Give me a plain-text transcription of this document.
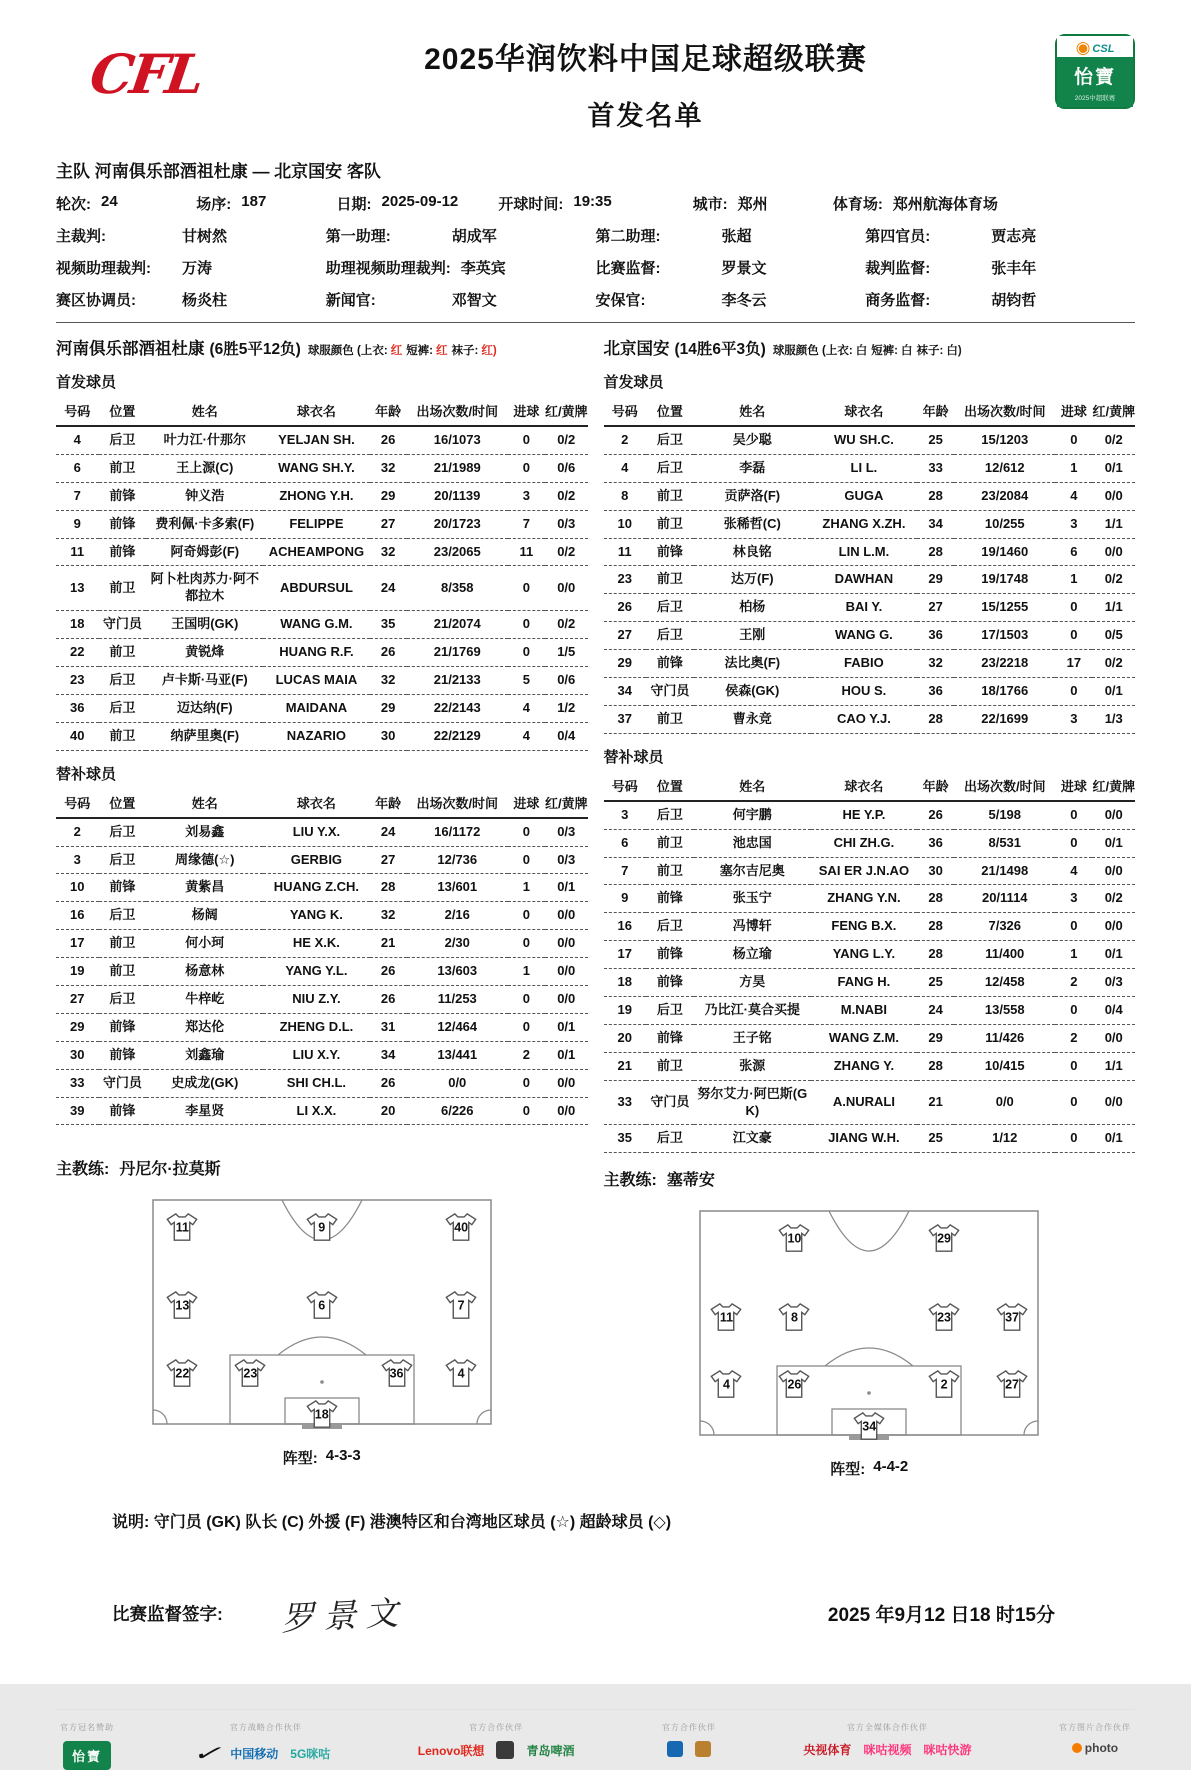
CFL	2025华润饮料中国足球超级联赛
首发名单
◉ CSL
怡寶
2025中超联赛
主队 河南俱乐部酒祖杜康 — 北京国安 客队
轮次: 24	场序: 187	日期: 2025-09-12	开球时间: 19:35	城市: 郑州	体育场: 郑州航海体育场
主裁判:	甘树然	第一助理:	胡成军	第二助理:	张超	第四官员:	贾志亮
视频助理裁判:	万涛	助理视频助理裁判: 李英宾	比赛监督:	罗景文	裁判监督:	张丰年
赛区协调员:	杨炎柱	新闻官:	邓智文	安保官:	李冬云	商务监督:	胡钧哲
河南俱乐部酒祖杜康 (6胜5平12负) 球服颜色 (上衣: 红 短裤: 红 袜子: 红)
首发球员
号码	位置	姓名	球衣名	年龄	出场次数/时间	进球	红/黄牌
4	后卫	叶力江·什那尔	YELJAN SH.	26	16/1073	0	0/2
6	前卫	王上源(C)	WANG SH.Y.	32	21/1989	0	0/6
7	前锋	钟义浩	ZHONG Y.H.	29	20/1139	3	0/2
9	前锋	费利佩·卡多索(F)	FELIPPE	27	20/1723	7	0/3
11	前锋	阿奇姆彭(F)	ACHEAMPONG	32	23/2065	11	0/2
13	前卫	阿卜杜肉苏力·阿不都拉木	ABDURSUL	24	8/358	0	0/0
18	守门员	王国明(GK)	WANG G.M.	35	21/2074	0	0/2
22	前卫	黄锐烽	HUANG R.F.	26	21/1769	0	1/5
23	后卫	卢卡斯·马亚(F)	LUCAS MAIA	32	21/2133	5	0/6
36	后卫	迈达纳(F)	MAIDANA	29	22/2143	4	1/2
40	前卫	纳萨里奥(F)	NAZARIO	30	22/2129	4	0/4
替补球员
号码	位置	姓名	球衣名	年龄	出场次数/时间	进球	红/黄牌
2	后卫	刘易鑫	LIU Y.X.	24	16/1172	0	0/3
3	后卫	周缘德(☆)	GERBIG	27	12/736	0	0/3
10	前锋	黄紫昌	HUANG Z.CH.	28	13/601	1	0/1
16	后卫	杨阔	YANG K.	32	2/16	0	0/0
17	前卫	何小珂	HE X.K.	21	2/30	0	0/0
19	前卫	杨意林	YANG Y.L.	26	13/603	1	0/0
27	后卫	牛梓屹	NIU Z.Y.	26	11/253	0	0/0
29	前锋	郑达伦	ZHENG D.L.	31	12/464	0	0/1
30	前锋	刘鑫瑜	LIU X.Y.	34	13/441	2	0/1
33	守门员	史成龙(GK)	SHI CH.L.	26	0/0	0	0/0
39	前锋	李星贤	LI X.X.	20	6/226	0	0/0
主教练: 丹尼尔·拉莫斯
11	9	40
13	6	7
22	23	36	4
18
阵型: 4-3-3
北京国安 (14胜6平3负) 球服颜色 (上衣: 白 短裤: 白 袜子: 白)
首发球员
号码	位置	姓名	球衣名	年龄	出场次数/时间	进球	红/黄牌
2	后卫	吴少聪	WU SH.C.	25	15/1203	0	0/2
4	后卫	李磊	LI L.	33	12/612	1	0/1
8	前卫	贡萨洛(F)	GUGA	28	23/2084	4	0/0
10	前卫	张稀哲(C)	ZHANG X.ZH.	34	10/255	3	1/1
11	前锋	林良铭	LIN L.M.	28	19/1460	6	0/0
23	前卫	达万(F)	DAWHAN	29	19/1748	1	0/2
26	后卫	柏杨	BAI Y.	27	15/1255	0	1/1
27	后卫	王刚	WANG G.	36	17/1503	0	0/5
29	前锋	法比奥(F)	FABIO	32	23/2218	17	0/2
34	守门员	侯森(GK)	HOU S.	36	18/1766	0	0/1
37	前卫	曹永竞	CAO Y.J.	28	22/1699	3	1/3
替补球员
号码	位置	姓名	球衣名	年龄	出场次数/时间	进球	红/黄牌
3	后卫	何宇鹏	HE Y.P.	26	5/198	0	0/0
6	前卫	池忠国	CHI ZH.G.	36	8/531	0	0/1
7	前卫	塞尔吉尼奥	SAI ER J.N.AO	30	21/1498	4	0/0
9	前锋	张玉宁	ZHANG Y.N.	28	20/1114	3	0/2
16	后卫	冯博轩	FENG B.X.	28	7/326	0	0/0
17	前锋	杨立瑜	YANG L.Y.	28	11/400	1	0/1
18	前锋	方昊	FANG H.	25	12/458	2	0/3
19	后卫	乃比江·莫合买提	M.NABI	24	13/558	0	0/4
20	前锋	王子铭	WANG Z.M.	29	11/426	2	0/0
21	前卫	张源	ZHANG Y.	28	10/415	0	1/1
33	守门员	努尔艾力·阿巴斯(GK)	A.NURALI	21	0/0	0	0/0
35	后卫	江文豪	JIANG W.H.	25	1/12	0	0/1
主教练: 塞蒂安
10	29
11	8	23	37
4	26	2	27
34
阵型: 4-4-2
说明: 守门员 (GK) 队长 (C) 外援 (F) 港澳特区和台湾地区球员 (☆) 超龄球员 (◇)
比赛监督签字: 罗景文	2025 年9月12 日18 时15分
官方冠名赞助
怡寶
官方战略合作伙伴
✓ 中国移动 5G咪咕
官方合作伙伴
Lenovo联想	青岛啤酒
官方合作伙伴	官方全媒体合作伙伴
央视体育 咪咕视频 咪咕快游
官方图片合作伙伴
photo
